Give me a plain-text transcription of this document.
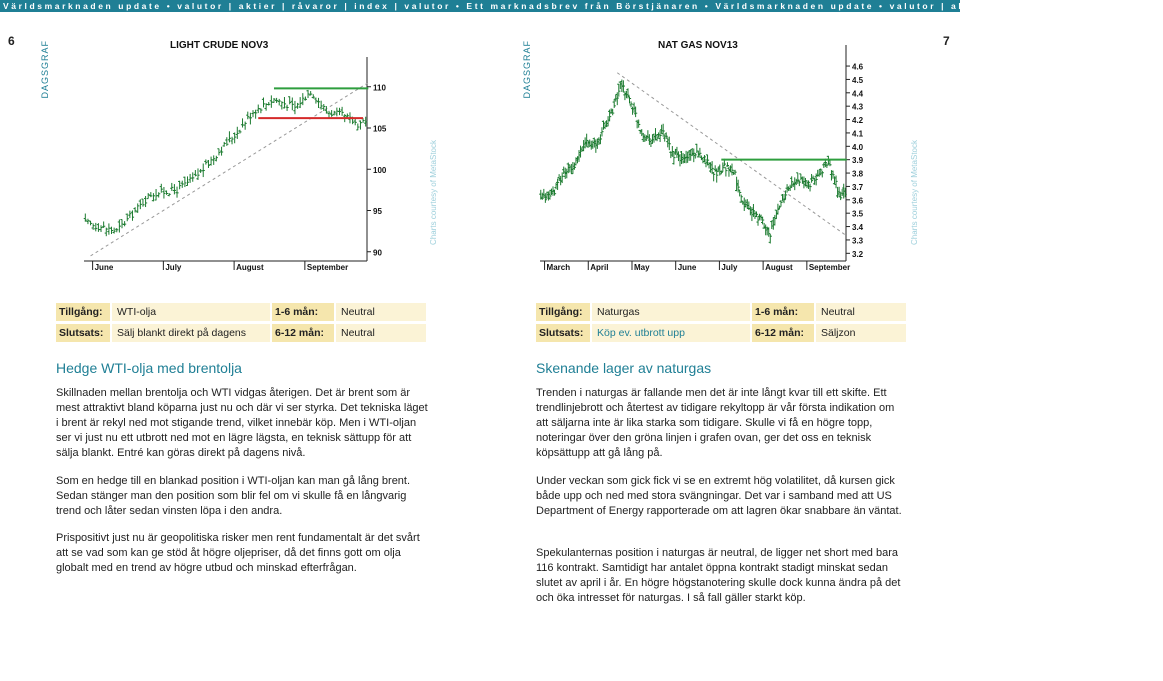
Världsmarknaden update • valutor | aktier | råvaror | index | valutor • Ett marknadsbrev från Börstjänaren • Världsmarknaden update • valutor | aktier | råvaror | index | valutor
6	DAGSGRAF	LIGHT CRUDE NOV3
90
95
100
105
110
June	July	August	September
Charts courtesy of MetaStock
Tillgång:	WTI-olja	1-6 mån:	Neutral
Slutsats:	Sälj blankt direkt på dagens	6-12 mån:	Neutral
Hedge WTI-olja med brentolja
Skillnaden mellan brentolja och WTI vidgas återigen. Det är brent som är mest attraktivt bland köparna just nu och där vi ser styrka. Det tekniska läget i brent är rekyl ned mot stigande trend, vilket innebär köp. Men i WTI-oljan ser vi just nu ett utbrott ned mot en lägre lägsta, en teknisk sättupp för att sälja blankt. Entré kan göras direkt på dagens nivå.
Som en hedge till en blankad position i WTI-oljan kan man gå lång brent. Sedan stänger man den position som blir fel om vi skulle få en långvarig trend och låter sedan vinsten löpa i den andra.
Prispositivt just nu är geopolitiska risker men rent fundamentalt är det svårt att se vad som kan ge stöd åt högre oljepriser, då det finns gott om olja globalt med en trend av högre utbud och minskad efterfrågan.
7
DAGSGRAF	NAT GAS NOV13
3.2
3.3
3.4
3.5
3.6
3.7
3.8
3.9
4.0
4.1
4.2
4.3
4.4
4.5
4.6
March	April	May	June	July	August September
Charts courtesy of MetaStock
Tillgång:	Naturgas	1-6 mån:	Neutral
Slutsats:	Köp ev. utbrott upp	6-12 mån:	Säljzon
Skenande lager av naturgas
Trenden i naturgas är fallande men det är inte långt kvar till ett skifte. Ett trendlinjebrott och återtest av tidigare rekyltopp är vår första indikation om att säljarna inte är lika starka som tidigare. Skulle vi få en högre topp, noteringar över den gröna linjen i grafen ovan, ger det oss en teknisk köpsättupp att gå lång på.
Under veckan som gick fick vi se en extremt hög volatilitet, då kursen gick både upp och ned med stora svängningar. Det var i samband med att US Department of Energy rapporterade om att lagren ökar snabbare än väntat.
Spekulanternas position i naturgas är neutral, de ligger net short med bara 116 kontrakt. Samtidigt har antalet öppna kontrakt stadigt minskat sedan slutet av april i år. En högre högstanotering skulle dock kunna ändra på det och öka intresset för naturgas. I så fall gäller starkt köp.
